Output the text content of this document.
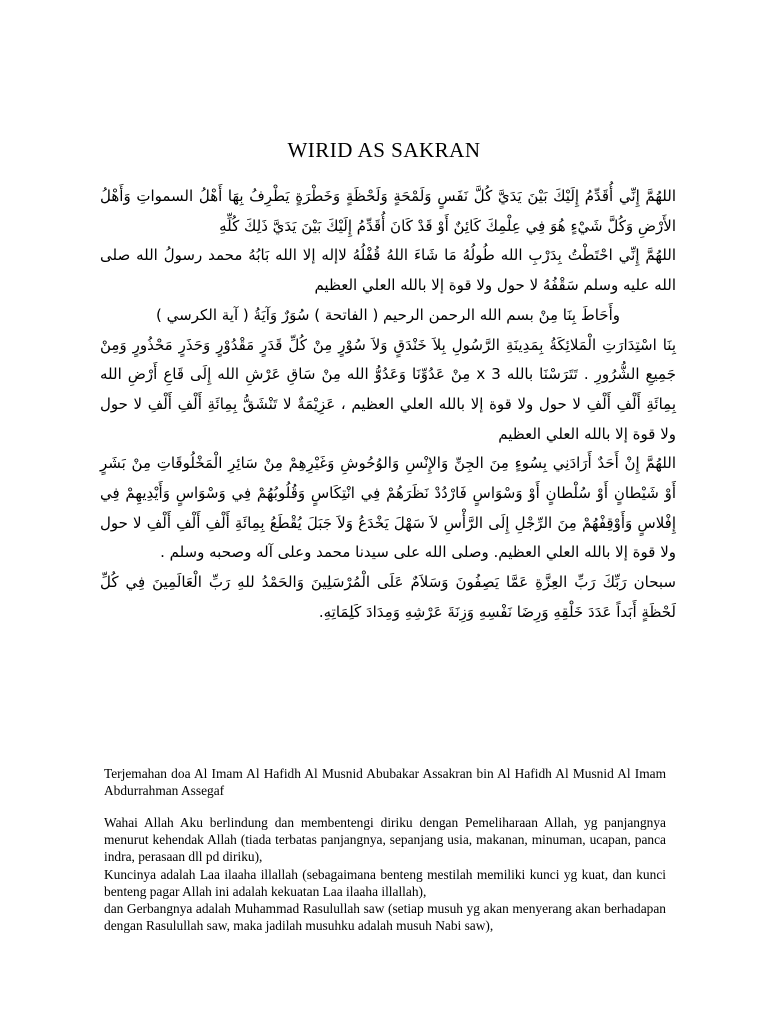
WIRID AS SAKRAN

اللهُمَّ إِنِّي أُقَدِّمُ إِلَيْكَ بَيْنَ يَدَيَّ كُلَّ نَفَسٍ وَلَمْحَةٍ وَلَحْظَةٍ وَخَطْرَةٍ يَطْرِفُ بِهَا أَهْلُ السمواتِ وَأَهْلُ الأَرْضِ وَكُلَّ شَيْءٍ هُوَ فِي عِلْمِكَ كَائِنٌ أَوْ قَدْ كَانَ أُقَدِّمُ إِلَيْكَ بَيْنَ يَدَيَّ ذَلِكَ كُلِّهِ

اللهُمَّ إِنِّي احْتَطْتُ بِدَرْبِ الله طُولُهُ مَا شَاءَ اللهُ قُفْلُهُ لاإله إلا الله بَابُهُ محمد رسولُ الله صلى الله عليه وسلم سَقْفُهُ لا حول ولا قوة إلا بالله العلي العظيم

وأَحَاطَ بِنَا مِنْ بسم الله الرحمن الرحيم ( الفاتحة ) سُوَرٌ وَآيَةُ ( آية الكرسي )

بِنَا اسْتِدَارَتِ الْمَلائِكَةُ بِمَدِينَةِ الرَّسُولِ بِلاَ خَنْدَقٍ وَلاَ سُوْرٍ مِنْ كُلِّ قَدَرٍ مَقْدُوْرٍ وَحَذَرٍ مَحْذُورٍ وَمِنْ جَمِيعِ الشُّرُورِ . تَتَرَسْنَا بالله 3 x مِنْ عَدُوِّنَا وَعَدُوُّ الله مِنْ سَاقِ عَرْشِ الله إِلَى قَاعِ أَرْضِ الله بِمِائَةِ أَلْفِ أَلْفِ لا حول ولا قوة إلا بالله العلي العظيم ، عَزِيْمَةٌ لا تَنْشَقُّ بِمِائَةِ أَلْفِ أَلْفِ لا حول ولا قوة إلا بالله العلي العظيم

اللهُمَّ إِنْ أَحَدٌ أَرَادَنِي بِسُوءٍ مِنَ الجِنِّ وَالإِنْسِ وَالوُحُوشِ وَغَيْرِهِمْ مِنْ سَائِرِ الْمَخْلُوقَاتِ مِنْ بَشَرٍ أَوْ شَيْطانٍ أَوْ سُلْطانٍ أَوْ وَسْوَاسٍ فَارْدُدْ نَظَرَهُمْ فِي انْتِكَاسٍ وَقُلُوبُهُمْ فِي وَسْوَاسٍ وَأَيْدِيهِمْ فِي إِفْلاسٍ وَأَوْقِفْهُمْ مِنَ الرِّجْلِ إِلَى الرَّأْسِ لاَ سَهْلَ يَخْدَعُ وَلاَ جَبَلَ يُقْطَعُ بِمِائَةِ أَلْفِ أَلْفِ أَلْفِ لا حول ولا قوة إلا بالله العلي العظيم. وصلى الله على سيدنا محمد وعلى آله وصحبه وسلم .

سبحان رَبِّكَ رَبِّ العِزَّةِ عَمَّا يَصِفُونَ وَسَلاَمٌ عَلَى الْمُرْسَلِينَ وَالحَمْدُ للهِ رَبِّ الْعَالَمِينَ فِي كُلِّ لَحْظَةٍ أَبَداً عَدَدَ خَلْقِهِ وَرِضَا نَفْسِهِ وَزِنَةَ عَرْشِهِ وَمِدَادَ كَلِمَاتِهِ.

Terjemahan doa Al Imam Al Hafidh Al Musnid Abubakar Assakran bin Al Hafidh Al Musnid Al Imam Abdurrahman Assegaf

Wahai Allah Aku berlindung dan membentengi diriku dengan Pemeliharaan Allah, yg panjangnya menurut kehendak Allah (tiada terbatas panjangnya, sepanjang usia, makanan, minuman, ucapan, panca indra, perasaan dll pd diriku),

Kuncinya adalah Laa ilaaha illallah (sebagaimana benteng mestilah memiliki kunci yg kuat, dan kunci benteng pagar Allah ini adalah kekuatan Laa ilaaha illallah),

dan Gerbangnya adalah Muhammad Rasulullah saw (setiap musuh yg akan menyerang akan berhadapan dengan Rasulullah saw, maka jadilah musuhku adalah musuh Nabi saw),
